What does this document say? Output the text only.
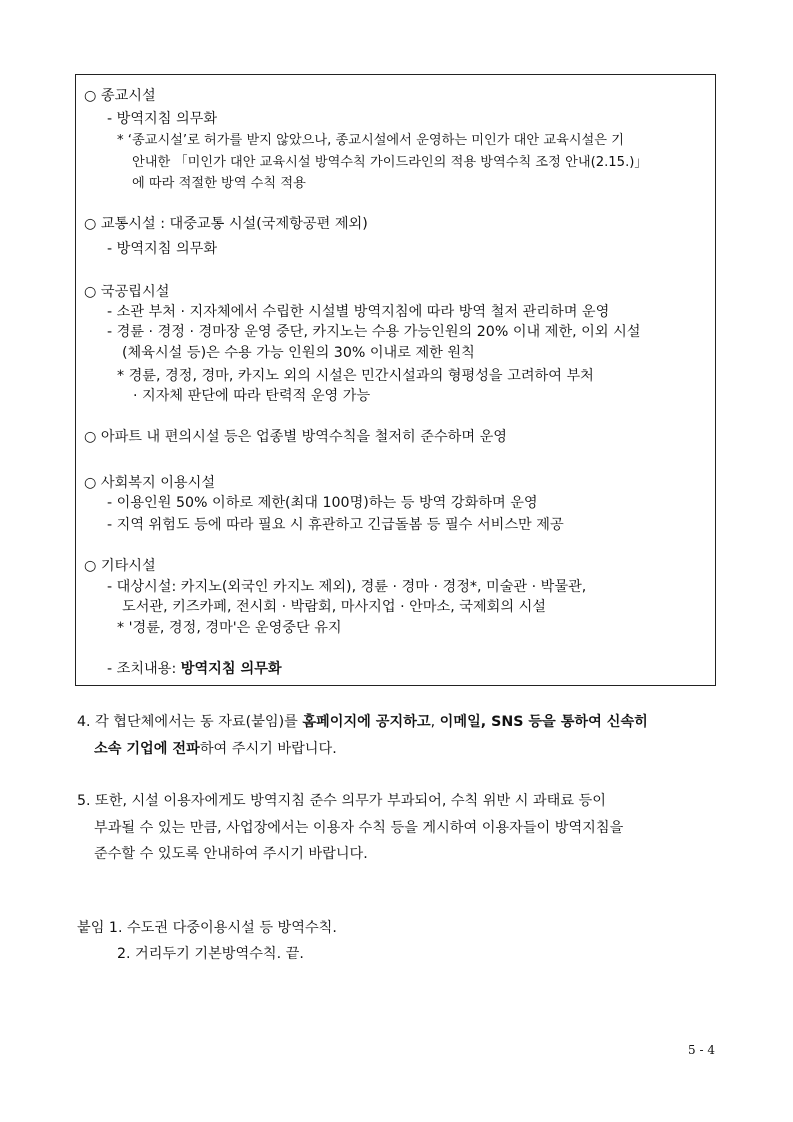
○ 종교시설
- 방역지침 의무화
* ‘종교시설’로 허가를 받지 않았으나, 종교시설에서 운영하는 미인가 대안 교육시설은 기
안내한 「미인가 대안 교육시설 방역수칙 가이드라인의 적용 방역수칙 조정 안내(2.15.)」
에 따라 적절한 방역 수칙 적용
○ 교통시설 : 대중교통 시설(국제항공편 제외)
- 방역지침 의무화
○ 국공립시설
- 소관 부처 · 지자체에서 수립한 시설별 방역지침에 따라 방역 철저 관리하며 운영
- 경륜 · 경정 · 경마장 운영 중단, 카지노는 수용 가능인원의 20% 이내 제한, 이외 시설
(체육시설 등)은 수용 가능 인원의 30% 이내로 제한 원칙
* 경륜, 경정, 경마, 카지노 외의 시설은 민간시설과의 형평성을 고려하여 부처
· 지자체 판단에 따라 탄력적 운영 가능
○ 아파트 내 편의시설 등은 업종별 방역수칙을 철저히 준수하며 운영
○ 사회복지 이용시설
- 이용인원 50% 이하로 제한(최대 100명)하는 등 방역 강화하며 운영
- 지역 위험도 등에 따라 필요 시 휴관하고 긴급돌봄 등 필수 서비스만 제공
○ 기타시설
- 대상시설: 카지노(외국인 카지노 제외), 경륜 · 경마 · 경정*, 미술관 · 박물관,
도서관, 키즈카페, 전시회 · 박람회, 마사지업 · 안마소, 국제회의 시설
* '경륜, 경정, 경마'은 운영중단 유지
- 조치내용: 방역지침 의무화
4. 각 협단체에서는 동 자료(붙임)를 홈페이지에 공지하고, 이메일, SNS 등을 통하여 신속히
소속 기업에 전파하여 주시기 바랍니다.
5. 또한, 시설 이용자에게도 방역지침 준수 의무가 부과되어, 수칙 위반 시 과태료 등이
부과될 수 있는 만큼, 사업장에서는 이용자 수칙 등을 게시하여 이용자들이 방역지침을
준수할 수 있도록 안내하여 주시기 바랍니다.
붙임 1. 수도권 다중이용시설 등 방역수칙.
2. 거리두기 기본방역수칙. 끝.
5 - 4
